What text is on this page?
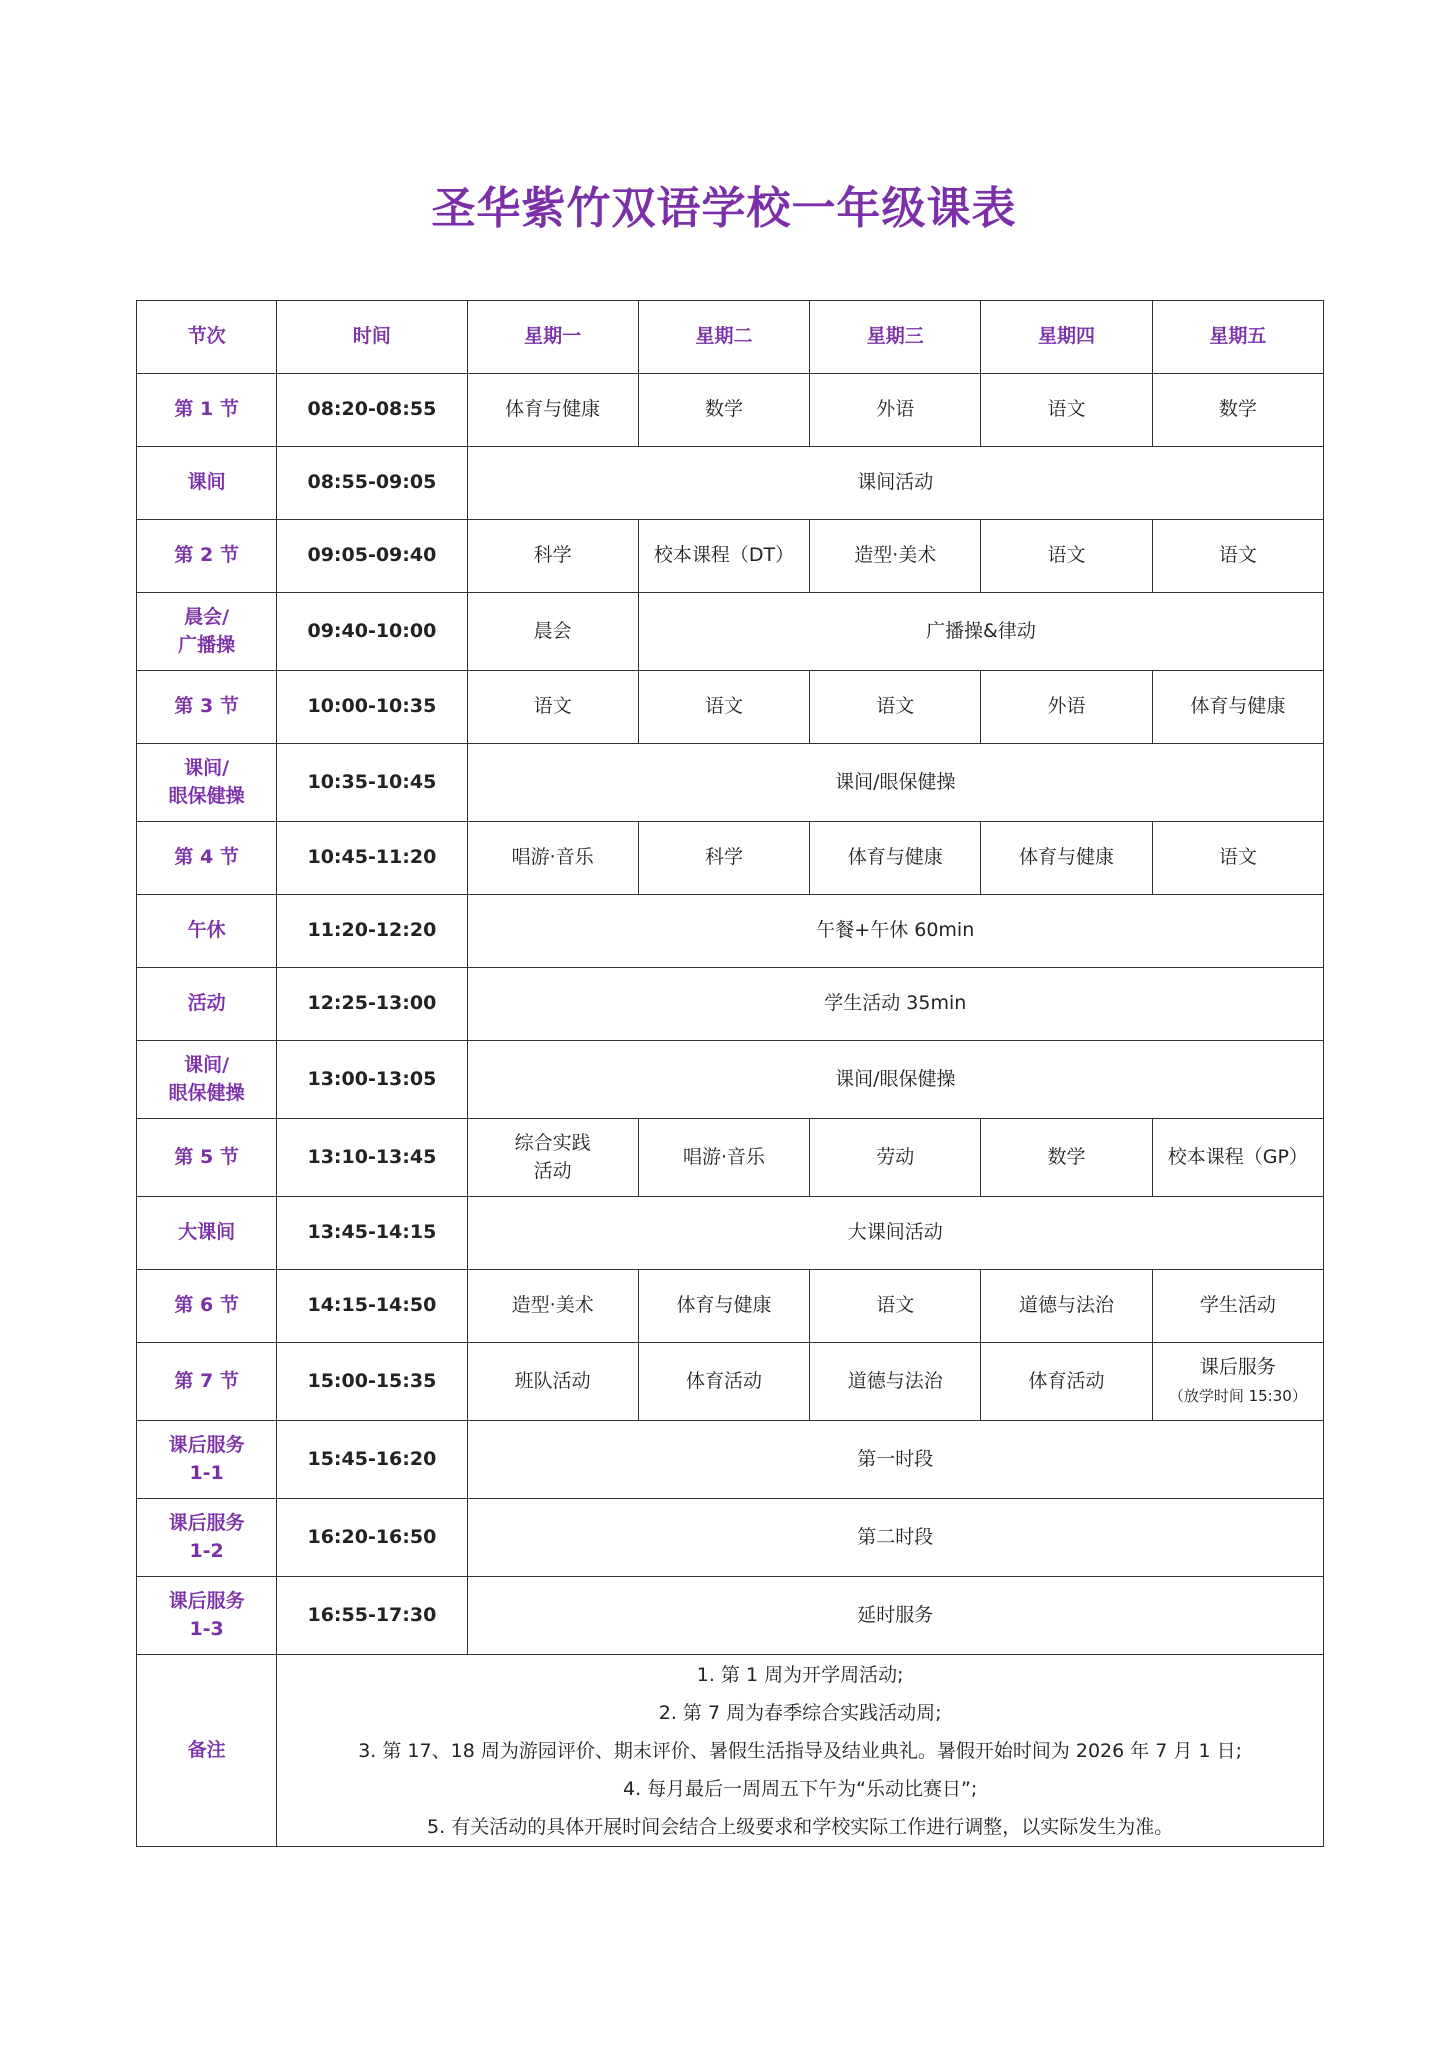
圣华紫竹双语学校一年级课表
节次	时间	星期一	星期二	星期三	星期四	星期五
第 1 节	08:20-08:55	体育与健康	数学	外语	语文	数学
课间	08:55-09:05	课间活动				
第 2 节	09:05-09:40	科学	校本课程（DT）	造型·美术	语文	语文
晨会/
广播操	09:40-10:00	晨会	广播操&律动			
第 3 节	10:00-10:35	语文	语文	语文	外语	体育与健康
课间/
眼保健操	10:35-10:45	课间/眼保健操				
第 4 节	10:45-11:20	唱游·音乐	科学	体育与健康	体育与健康	语文
午休	11:20-12:20	午餐+午休 60min				
活动	12:25-13:00	学生活动 35min				
课间/
眼保健操	13:00-13:05	课间/眼保健操				
第 5 节	13:10-13:45	综合实践
活动	唱游·音乐	劳动	数学	校本课程（GP）
大课间	13:45-14:15	大课间活动				
第 6 节	14:15-14:50	造型·美术	体育与健康	语文	道德与法治	学生活动
第 7 节	15:00-15:35	班队活动	体育活动	道德与法治	体育活动	课后服务
（放学时间 15:30）
课后服务
1-1	15:45-16:20	第一时段				
课后服务
1-2	16:20-16:50	第二时段				
课后服务
1-3	16:55-17:30	延时服务				
备注	1. 第 1 周为开学周活动;
2. 第 7 周为春季综合实践活动周;
3. 第 17、18 周为游园评价、期末评价、暑假生活指导及结业典礼。暑假开始时间为 2026 年 7 月 1 日;
4. 每月最后一周周五下午为“乐动比赛日”;
5. 有关活动的具体开展时间会结合上级要求和学校实际工作进行调整，以实际发生为准。					
